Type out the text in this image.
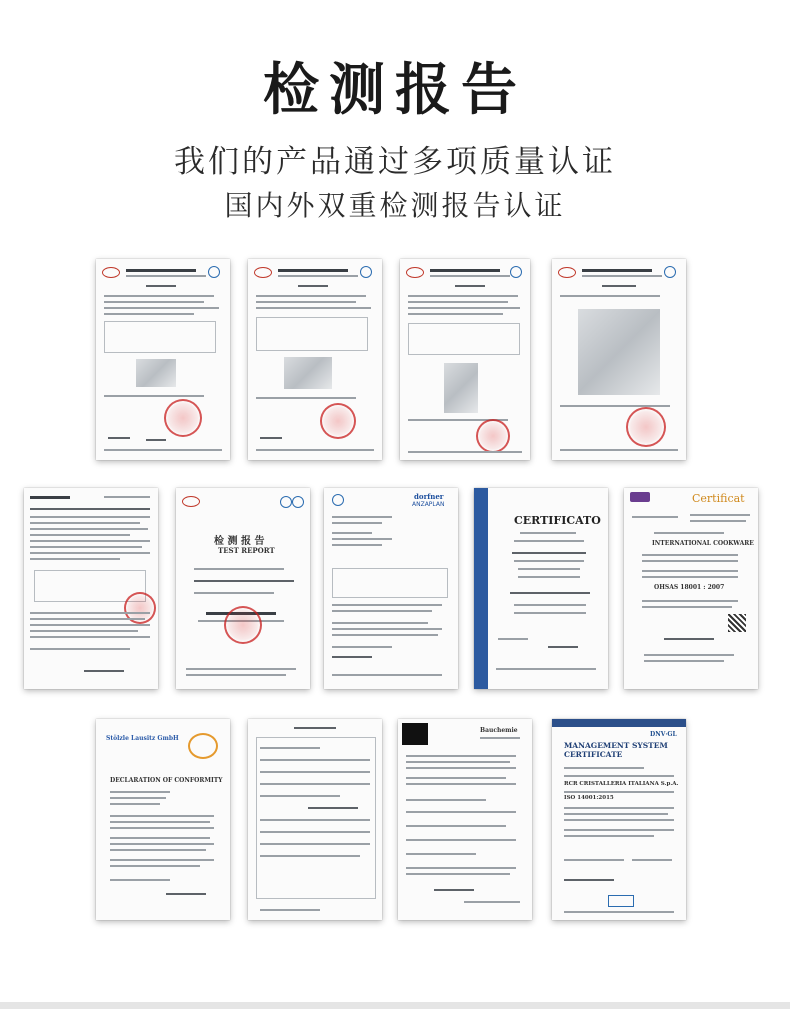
检测报告
我们的产品通过多项质量认证
国内外双重检测报告认证
检 测 报 告
TEST REPORT
dorfner
ANZAPLAN
CERTIFICATO
Certificat
INTERNATIONAL COOKWARE
OHSAS 18001 : 2007
Stölzle Lausitz GmbH
DECLARATION OF CONFORMITY
Bauchemie
DNV·GL
MANAGEMENT SYSTEM CERTIFICATE
RCR CRISTALLERIA ITALIANA S.p.A.
ISO 14001:2015
